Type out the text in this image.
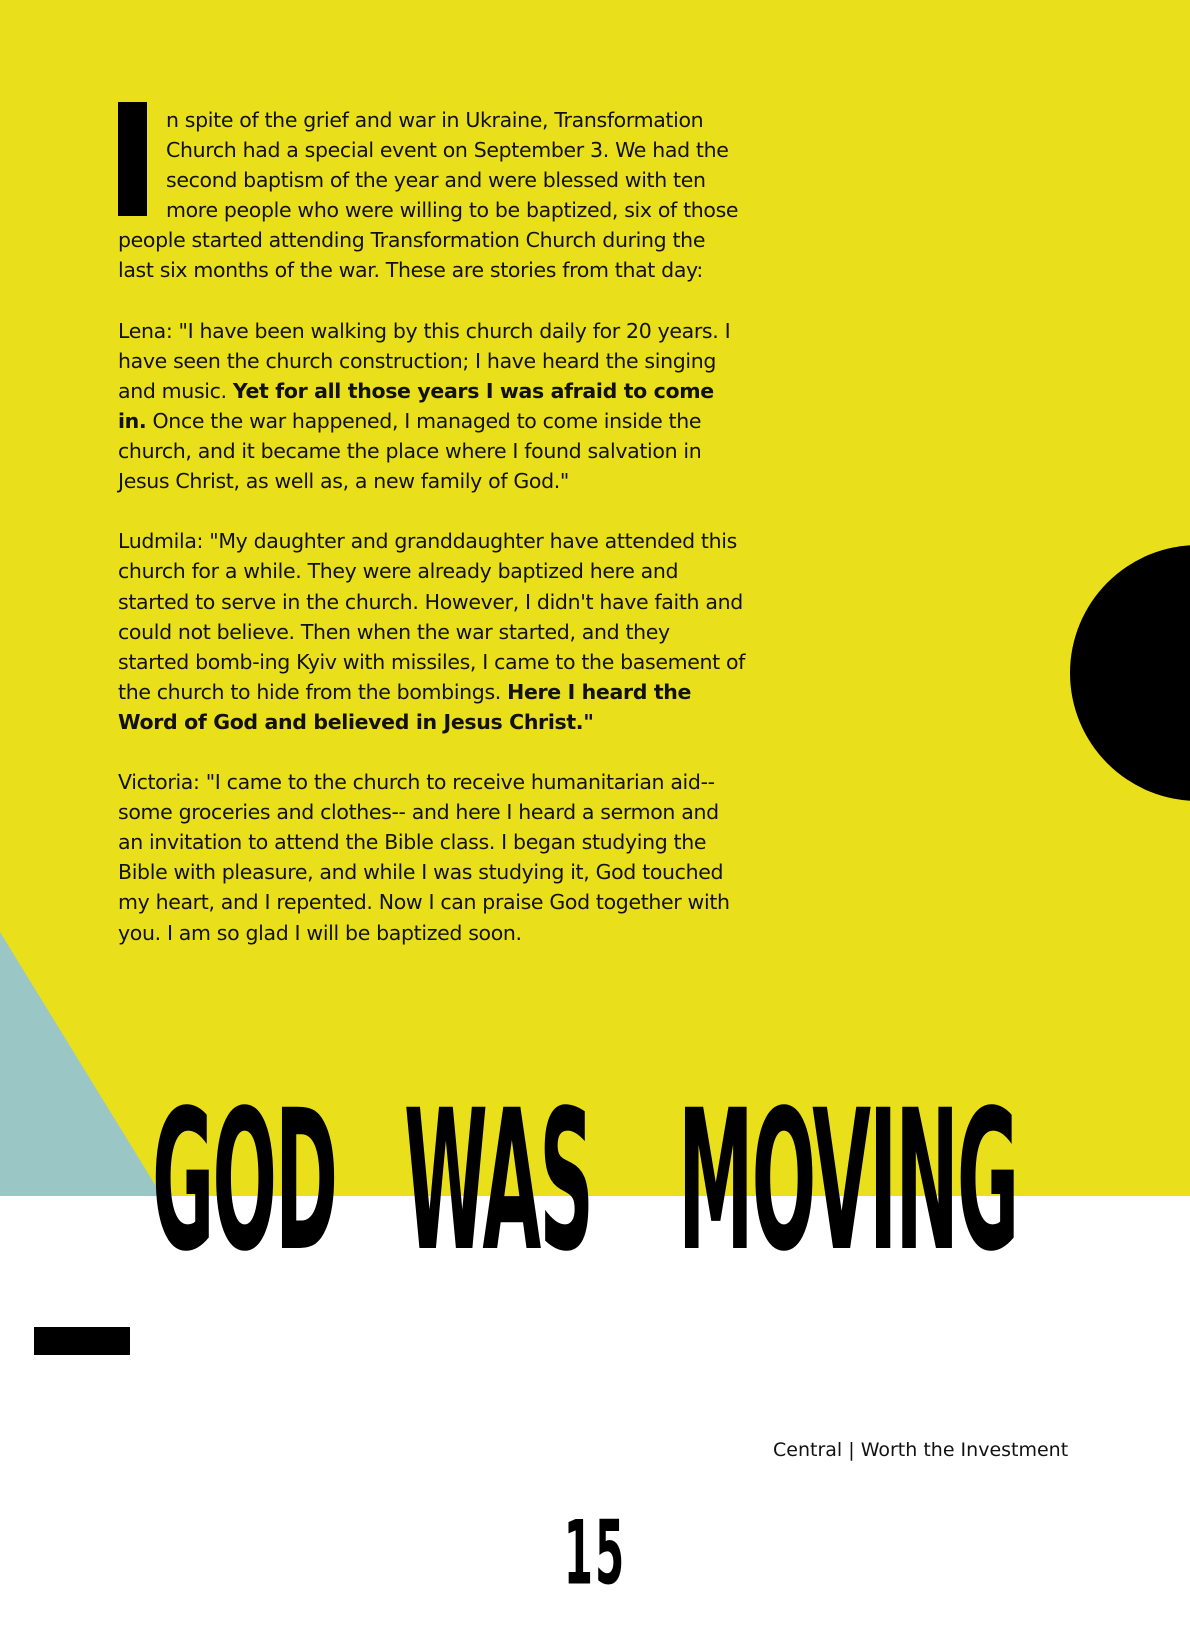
n spite of the grief and war in Ukraine, Transformation Church had a special event on September 3. We had the second baptism of the year and were blessed with ten more people who were willing to be baptized, six of those people started attending Transformation Church during the last six months of the war. These are stories from that day:

Lena: "I have been walking by this church daily for 20 years. I have seen the church construction; I have heard the singing and music. Yet for all those years I was afraid to come in. Once the war happened, I managed to come inside the church, and it became the place where I found salvation in Jesus Christ, as well as, a new family of God."

Ludmila: "My daughter and granddaughter have attended this church for a while. They were already baptized here and started to serve in the church. However, I didn't have faith and could not believe. Then when the war started, and they started bomb-ing Kyiv with missiles, I came to the basement of the church to hide from the bombings. Here I heard the Word of God and believed in Jesus Christ."

Victoria: "I came to the church to receive humanitarian aid-- some groceries and clothes-- and here I heard a sermon and an invitation to attend the Bible class. I began studying the Bible with pleasure, and while I was studying it, God touched my heart, and I repented. Now I can praise God together with you. I am so glad I will be baptized soon.

GOD WAS	MOVING
Central | Worth the Investment
15
